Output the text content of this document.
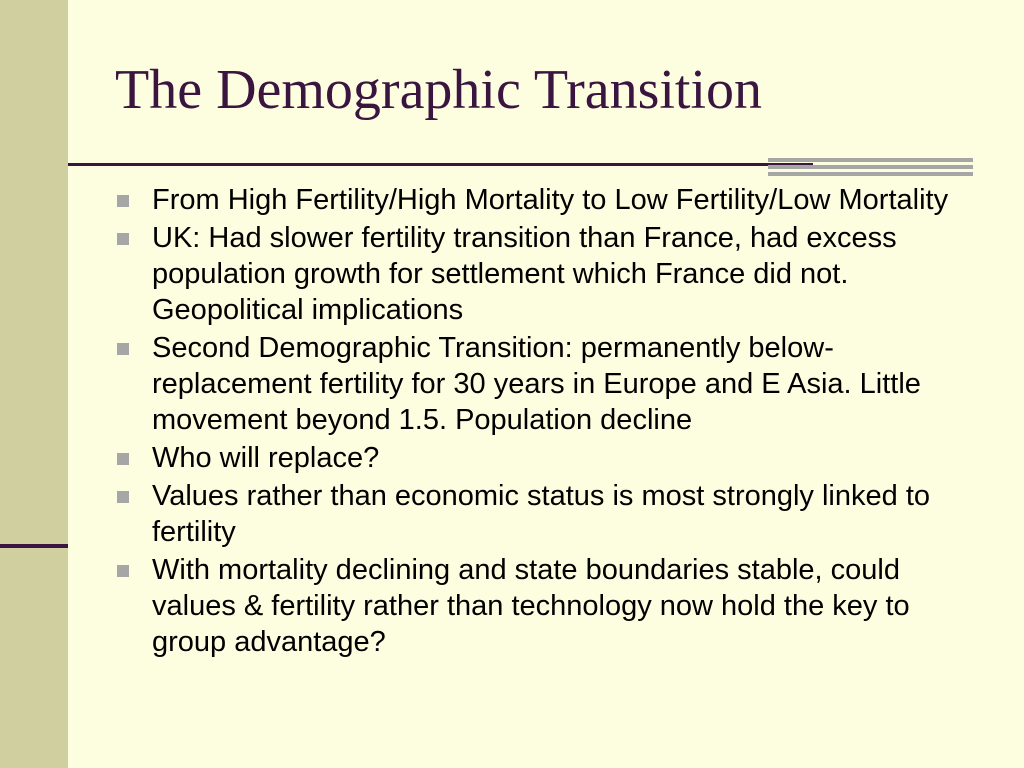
The Demographic Transition
From High Fertility/High Mortality to Low Fertility/Low Mortality
UK: Had slower fertility transition than France, had excess population growth for settlement which France did not. Geopolitical implications
Second Demographic Transition: permanently below-replacement fertility for 30 years in Europe and E Asia. Little movement beyond 1.5. Population decline
Who will replace?
Values rather than economic status is most strongly linked to fertility
With mortality declining and state boundaries stable, could values & fertility rather than technology now hold the key to group advantage?
